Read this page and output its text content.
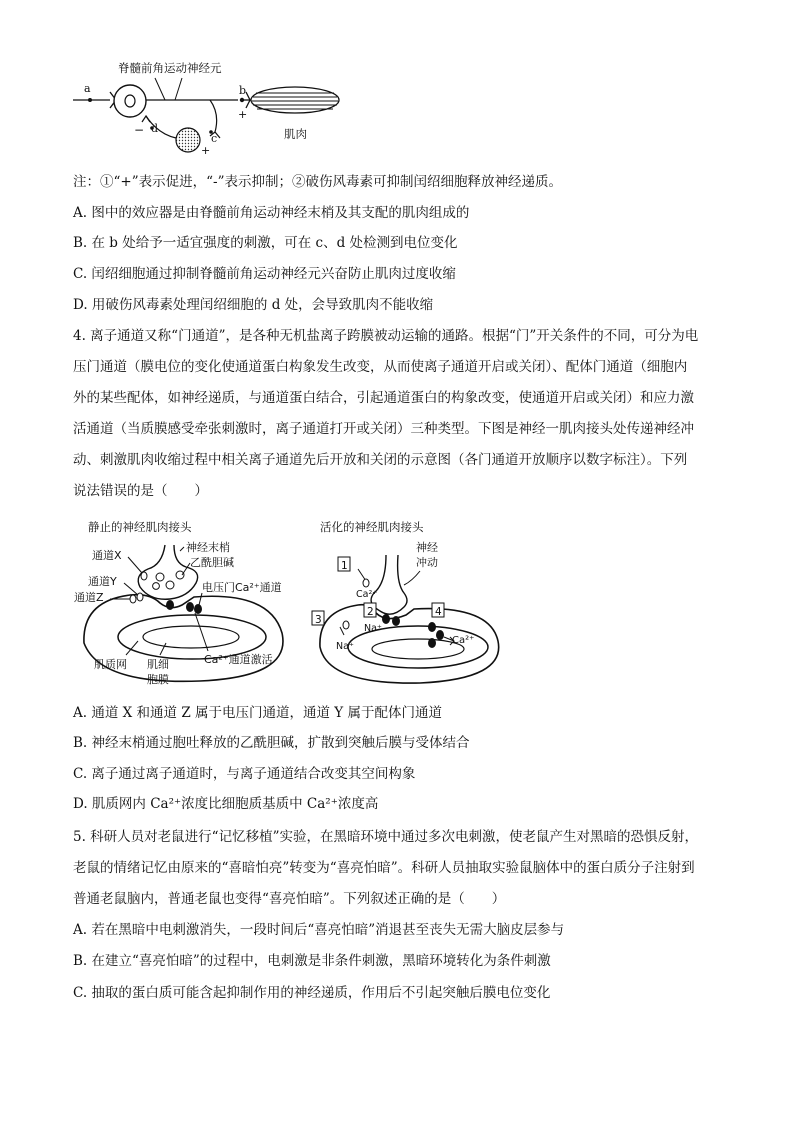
脊髓前角运动神经元
a
d
−
c
+
b
+
肌肉
注：①“+”表示促进，“-”表示抑制；②破伤风毒素可抑制闰绍细胞释放神经递质。
A. 图中的效应器是由脊髓前角运动神经末梢及其支配的肌肉组成的
B. 在 b 处给予一适宜强度的刺激，可在 c、d 处检测到电位变化
C. 闰绍细胞通过抑制脊髓前角运动神经元兴奋防止肌肉过度收缩
D. 用破伤风毒素处理闰绍细胞的 d 处，会导致肌肉不能收缩
4. 离子通道又称“门通道”，是各种无机盐离子跨膜被动运输的通路。根据“门”开关条件的不同，可分为电
压门通道（膜电位的变化使通道蛋白构象发生改变，从而使离子通道开启或关闭）、配体门通道（细胞内
外的某些配体，如神经递质，与通道蛋白结合，引起通道蛋白的构象改变，使通道开启或关闭）和应力激
活通道（当质膜感受牵张刺激时，离子通道打开或关闭）三种类型。下图是神经一肌肉接头处传递神经冲
动、刺激肌肉收缩过程中相关离子通道先后开放和关闭的示意图（各门通道开放顺序以数字标注）。下列
说法错误的是（　　）
静止的神经肌肉接头
神经末梢
乙酰胆碱
通道X
通道Y
通道Z
电压门Ca²⁺通道
肌质网 肌细
胞膜
Ca²⁺通道激活
活化的神经肌肉接头
神经
冲动
1
Ca²⁺
2
Na⁺
3
Na⁺
4
Ca²⁺
A. 通道 X 和通道 Z 属于电压门通道，通道 Y 属于配体门通道
B. 神经末梢通过胞吐释放的乙酰胆碱，扩散到突触后膜与受体结合
C. 离子通过离子通道时，与离子通道结合改变其空间构象
D. 肌质网内 Ca²⁺浓度比细胞质基质中 Ca²⁺浓度高
5. 科研人员对老鼠进行“记忆移植”实验，在黑暗环境中通过多次电刺激，使老鼠产生对黑暗的恐惧反射，
老鼠的情绪记忆由原来的“喜暗怕亮”转变为“喜亮怕暗”。科研人员抽取实验鼠脑体中的蛋白质分子注射到
普通老鼠脑内，普通老鼠也变得“喜亮怕暗”。下列叙述正确的是（　　）
A. 若在黑暗中电刺激消失，一段时间后“喜亮怕暗”消退甚至丧失无需大脑皮层参与
B. 在建立“喜亮怕暗”的过程中，电刺激是非条件刺激，黑暗环境转化为条件刺激
C. 抽取的蛋白质可能含起抑制作用的神经递质，作用后不引起突触后膜电位变化
